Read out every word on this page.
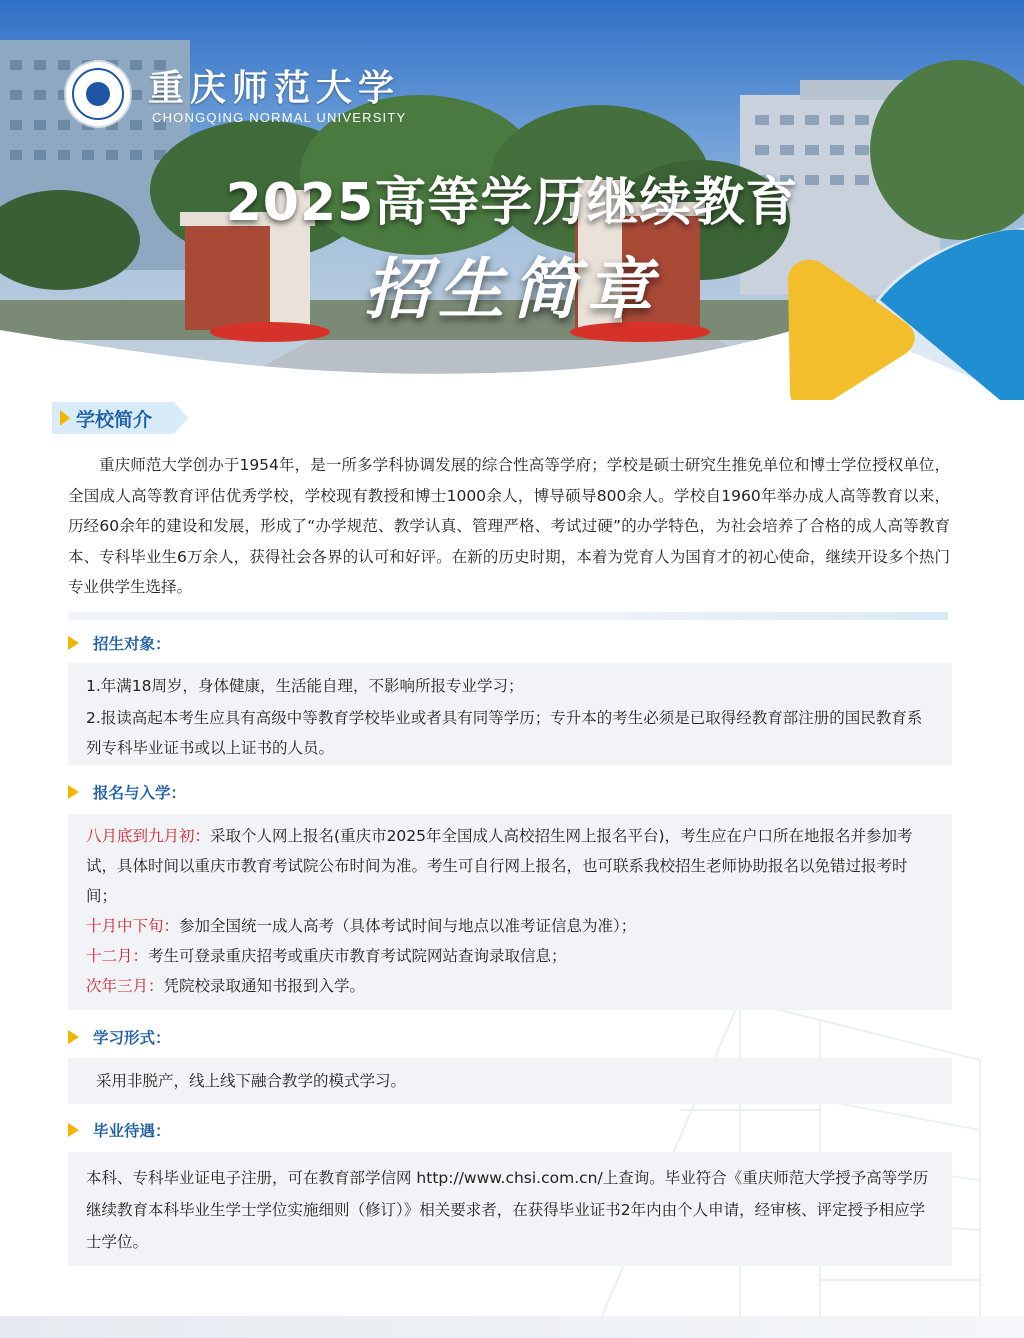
重庆师范大学
CHONGQING NORMAL UNIVERSITY
2025高等学历继续教育
招生简章
学校简介
重庆师范大学创办于1954年，是一所多学科协调发展的综合性高等学府；学校是硕士研究生推免单位和博士学位授权单位，全国成人高等教育评估优秀学校，学校现有教授和博士1000余人，博导硕导800余人。学校自1960年举办成人高等教育以来，历经60余年的建设和发展，形成了“办学规范、教学认真、管理严格、考试过硬”的办学特色，为社会培养了合格的成人高等教育本、专科毕业生6万余人，获得社会各界的认可和好评。在新的历史时期，本着为党育人为国育才的初心使命，继续开设多个热门专业供学生选择。
招生对象：

1.年满18周岁，身体健康，生活能自理，不影响所报专业学习；

2.报读高起本考生应具有高级中等教育学校毕业或者具有同等学历；专升本的考生必须是已取得经教育部注册的国民教育系列专科毕业证书或以上证书的人员。

报名与入学：

八月底到九月初：采取个人网上报名(重庆市2025年全国成人高校招生网上报名平台)，考生应在户口所在地报名并参加考试，具体时间以重庆市教育考试院公布时间为准。考生可自行网上报名，也可联系我校招生老师协助报名以免错过报考时间；

十月中下旬：参加全国统一成人高考（具体考试时间与地点以准考证信息为准）；

十二月：考生可登录重庆招考或重庆市教育考试院网站查询录取信息；

次年三月：凭院校录取通知书报到入学。

学习形式：

采用非脱产，线上线下融合教学的模式学习。

毕业待遇：

本科、专科毕业证电子注册，可在教育部学信网 http://www.chsi.com.cn/上查询。毕业符合《重庆师范大学授予高等学历继续教育本科毕业生学士学位实施细则（修订）》相关要求者，在获得毕业证书2年内由个人申请，经审核、评定授予相应学士学位。
